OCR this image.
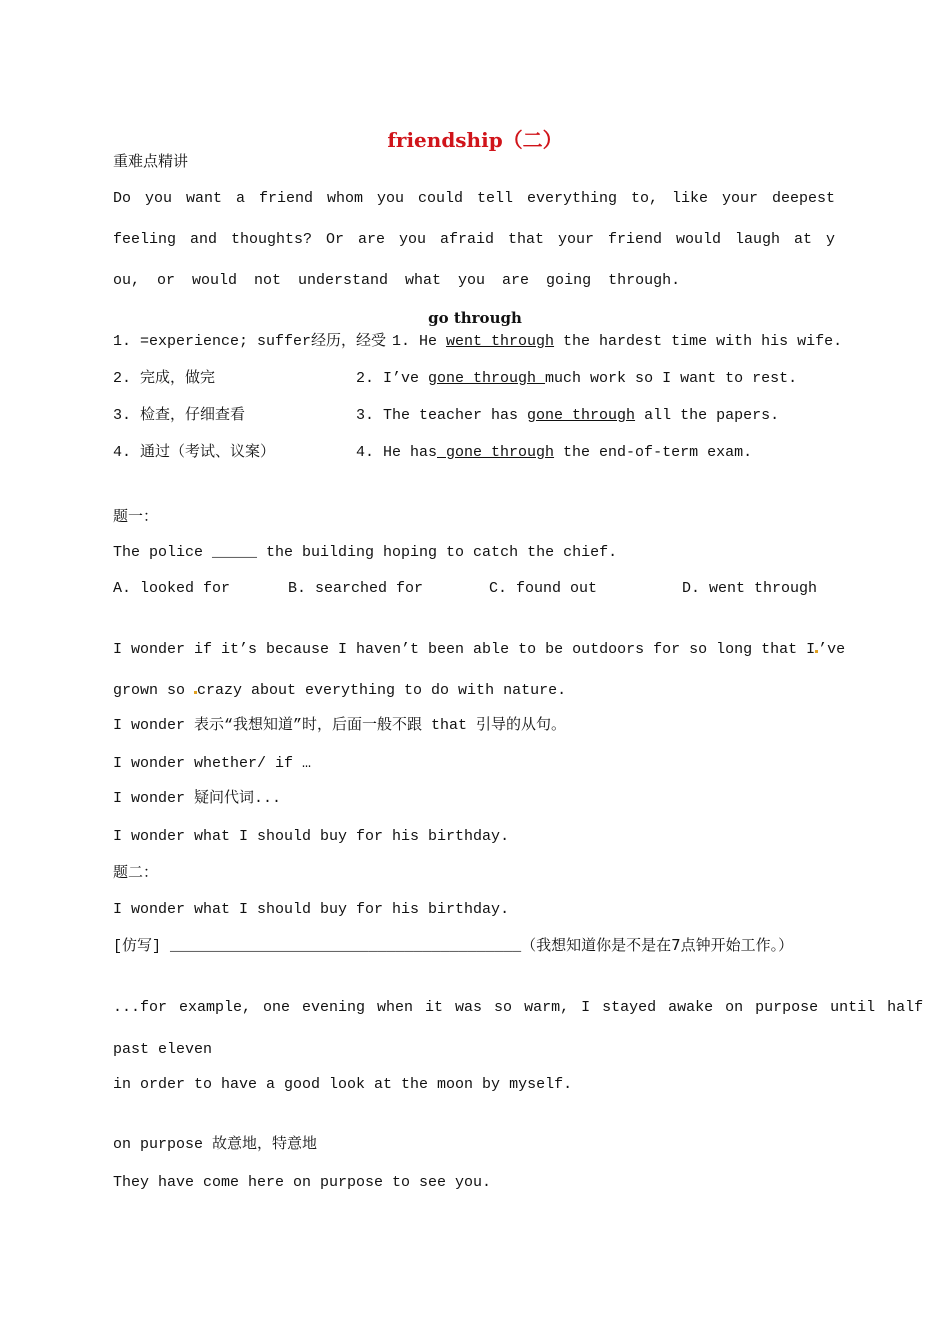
friendship（二）
重难点精讲
Do you want a friend whom you could tell everything to, like your deepest
feeling and thoughts? Or are you afraid that your friend would laugh at y
ou, or would not understand what you are going through.
go through
1. =experience; suffer经历，经受 1. He went through the hardest time with his wife.
2. 完成，做完	2. I’ve gone through much work so I want to rest.
3. 检查，仔细查看	3. The teacher has gone through all the papers.
4. 通过（考试、议案）	4. He has gone through the end-of-term exam.
题一：
The police _____ the building hoping to catch the chief.
A. looked for	B. searched for	C. found out	D. went through
I wonder if it’s because I haven’t been able to be outdoors for so long that I ’ve
grown so crazy about everything to do with nature.
I wonder 表示“我想知道”时，后面一般不跟 that 引导的从句。
I wonder whether/ if …
I wonder 疑问代词...
I wonder what I should buy for his birthday.
题二：
I wonder what I should buy for his birthday.
[仿写] _______________________________________（我想知道你是不是在7点钟开始工作。）
...for example, one evening when it was so warm, I stayed awake on purpose until half
past eleven
in order to have a good look at the moon by myself.
on purpose 故意地，特意地
They have come here on purpose to see you.
